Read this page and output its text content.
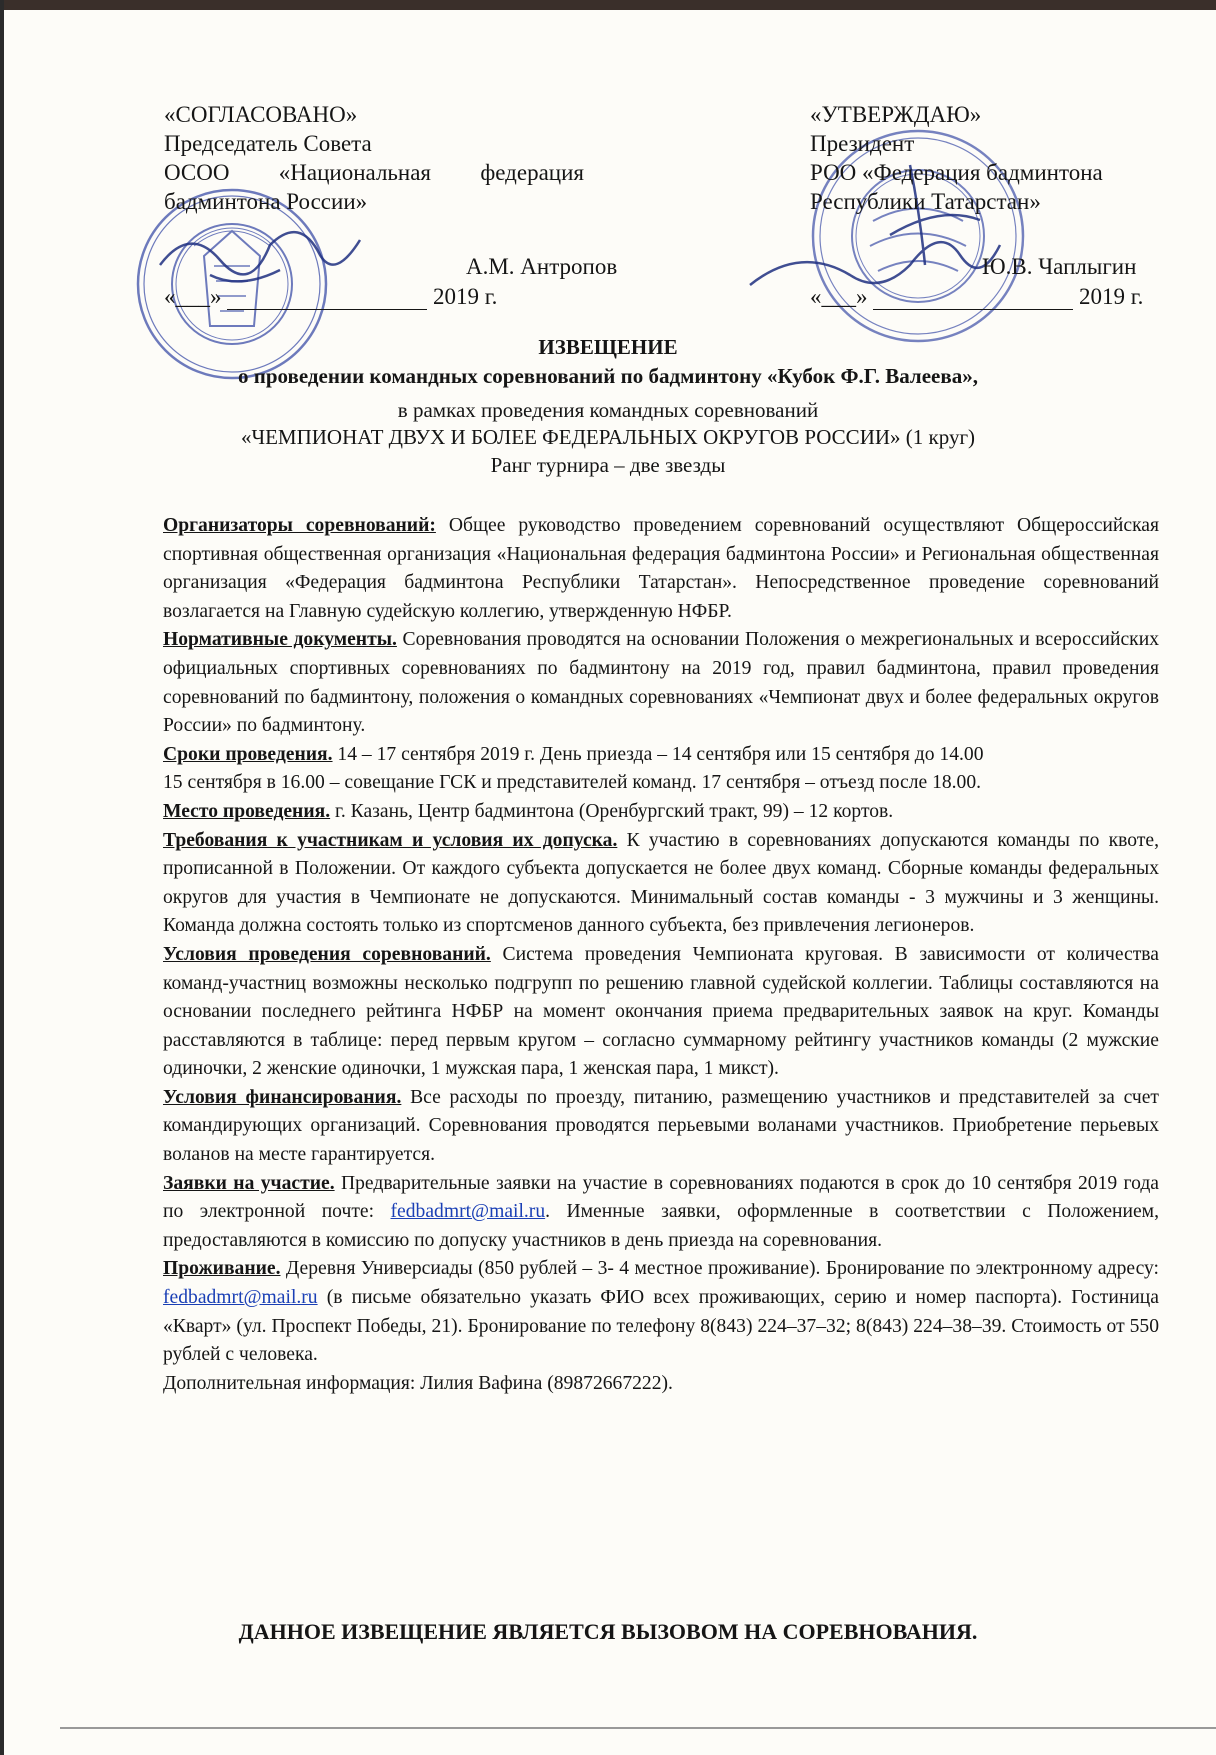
«СОГЛАСОВАНО»
Председатель Совета
ОСОО «Национальная федерация
бадминтона России»
А.М. Антропов
«___»	2019 г.
«УТВЕРЖДАЮ»
Президент
РОО «Федерация бадминтона
Республики Татарстан»
Ю.В. Чаплыгин
«___»	2019 г.
ИЗВЕЩЕНИЕ
о проведении командных соревнований по бадминтону «Кубок Ф.Г. Валеева»,
в рамках проведения командных соревнований
«ЧЕМПИОНАТ ДВУХ И БОЛЕЕ ФЕДЕРАЛЬНЫХ ОКРУГОВ РОССИИ» (1 круг)
Ранг турнира – две звезды
Организаторы соревнований: Общее руководство проведением соревнований осуществляют Общероссийская спортивная общественная организация «Национальная федерация бадминтона России» и Региональная общественная организация «Федерация бадминтона Республики Татарстан». Непосредственное проведение соревнований возлагается на Главную судейскую коллегию, утвержденную НФБР.
Нормативные документы. Соревнования проводятся на основании Положения о межрегиональных и всероссийских официальных спортивных соревнованиях по бадминтону на 2019 год, правил бадминтона, правил проведения соревнований по бадминтону, положения о командных соревнованиях «Чемпионат двух и более федеральных округов России» по бадминтону.
Сроки проведения. 14 – 17 сентября 2019 г. День приезда – 14 сентября или 15 сентября до 14.00
15 сентября в 16.00 – совещание ГСК и представителей команд. 17 сентября – отъезд после 18.00.
Место проведения. г. Казань, Центр бадминтона (Оренбургский тракт, 99) – 12 кортов.
Требования к участникам и условия их допуска. К участию в соревнованиях допускаются команды по квоте, прописанной в Положении. От каждого субъекта допускается не более двух команд. Сборные команды федеральных округов для участия в Чемпионате не допускаются. Минимальный состав команды - 3 мужчины и 3 женщины. Команда должна состоять только из спортсменов данного субъекта, без привлечения легионеров.
Условия проведения соревнований. Система проведения Чемпионата круговая. В зависимости от количества команд-участниц возможны несколько подгрупп по решению главной судейской коллегии. Таблицы составляются на основании последнего рейтинга НФБР на момент окончания приема предварительных заявок на круг. Команды расставляются в таблице: перед первым кругом – согласно суммарному рейтингу участников команды (2 мужские одиночки, 2 женские одиночки, 1 мужская пара, 1 женская пара, 1 микст).
Условия финансирования. Все расходы по проезду, питанию, размещению участников и представителей за счет командирующих организаций. Соревнования проводятся перьевыми воланами участников. Приобретение перьевых воланов на месте гарантируется.
Заявки на участие. Предварительные заявки на участие в соревнованиях подаются в срок до 10 сентября 2019 года по электронной почте: fedbadmrt@mail.ru. Именные заявки, оформленные в соответствии с Положением, предоставляются в комиссию по допуску участников в день приезда на соревнования.
Проживание. Деревня Универсиады (850 рублей – 3- 4 местное проживание). Бронирование по электронному адресу: fedbadmrt@mail.ru (в письме обязательно указать ФИО всех проживающих, серию и номер паспорта). Гостиница «Кварт» (ул. Проспект Победы, 21). Бронирование по телефону 8(843) 224–37–32; 8(843) 224–38–39. Стоимость от 550 рублей с человека.
Дополнительная информация: Лилия Вафина (89872667222).
ДАННОЕ ИЗВЕЩЕНИЕ ЯВЛЯЕТСЯ ВЫЗОВОМ НА СОРЕВНОВАНИЯ.
